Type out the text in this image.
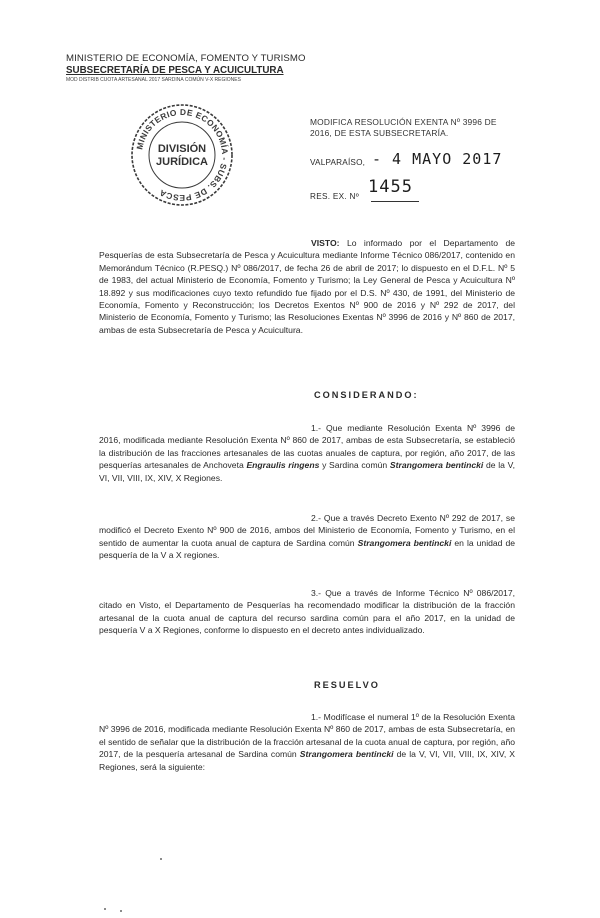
MINISTERIO DE ECONOMÍA, FOMENTO Y TURISMO
SUBSECRETARÍA DE PESCA Y ACUICULTURA
MOD DISTRIB CUOTA ARTESANAL 2017 SARDINA COMÚN V-X REGIONES
MINISTERIO DE ECONOMÍA - SUBS. DE PESCA
DIVISIÓN
JURÍDICA
MODIFICA RESOLUCIÓN EXENTA Nº 3996 DE
2016, DE ESTA SUBSECRETARÍA.
VALPARAÍSO, - 4 MAYO 2017
RES. EX. Nº 1455
VISTO: Lo informado por el Departamento de Pesquerías de esta Subsecretaría de Pesca y Acuicultura mediante Informe Técnico 086/2017, contenido en Memorándum Técnico (R.PESQ.) Nº 086/2017, de fecha 26 de abril de 2017; lo dispuesto en el D.F.L. Nº 5 de 1983, del actual Ministerio de Economía, Fomento y Turismo; la Ley General de Pesca y Acuicultura Nº 18.892 y sus modificaciones cuyo texto refundido fue fijado por el D.S. Nº 430, de 1991, del Ministerio de Economía, Fomento y Reconstrucción; los Decretos Exentos Nº 900 de 2016 y Nº 292 de 2017, del Ministerio de Economía, Fomento y Turismo; las Resoluciones Exentas Nº 3996 de 2016 y Nº 860 de 2017, ambas de esta Subsecretaría de Pesca y Acuicultura.
CONSIDERANDO:
1.- Que mediante Resolución Exenta Nº 3996 de 2016, modificada mediante Resolución Exenta Nº 860 de 2017, ambas de esta Subsecretaría, se estableció la distribución de las fracciones artesanales de las cuotas anuales de captura, por región, año 2017, de las pesquerías artesanales de Anchoveta Engraulis ringens y Sardina común Strangomera bentincki de la V, VI, VII, VIII, IX, XIV, X Regiones.
2.- Que a través Decreto Exento Nº 292 de 2017, se modificó el Decreto Exento Nº 900 de 2016, ambos del Ministerio de Economía, Fomento y Turismo, en el sentido de aumentar la cuota anual de captura de Sardina común Strangomera bentincki en la unidad de pesquería de la V a X regiones.
3.- Que a través de Informe Técnico Nº 086/2017, citado en Visto, el Departamento de Pesquerías ha recomendado modificar la distribución de la fracción artesanal de la cuota anual de captura del recurso sardina común para el año 2017, en la unidad de pesquería V a X Regiones, conforme lo dispuesto en el decreto antes individualizado.
RESUELVO
1.- Modifícase el numeral 1º de la Resolución Exenta Nº 3996 de 2016, modificada mediante Resolución Exenta Nº 860 de 2017, ambas de esta Subsecretaría, en el sentido de señalar que la distribución de la fracción artesanal de la cuota anual de captura, por región, año 2017, de la pesquería artesanal de Sardina común Strangomera bentincki de la V, VI, VII, VIII, IX, XIV, X Regiones, será la siguiente:
